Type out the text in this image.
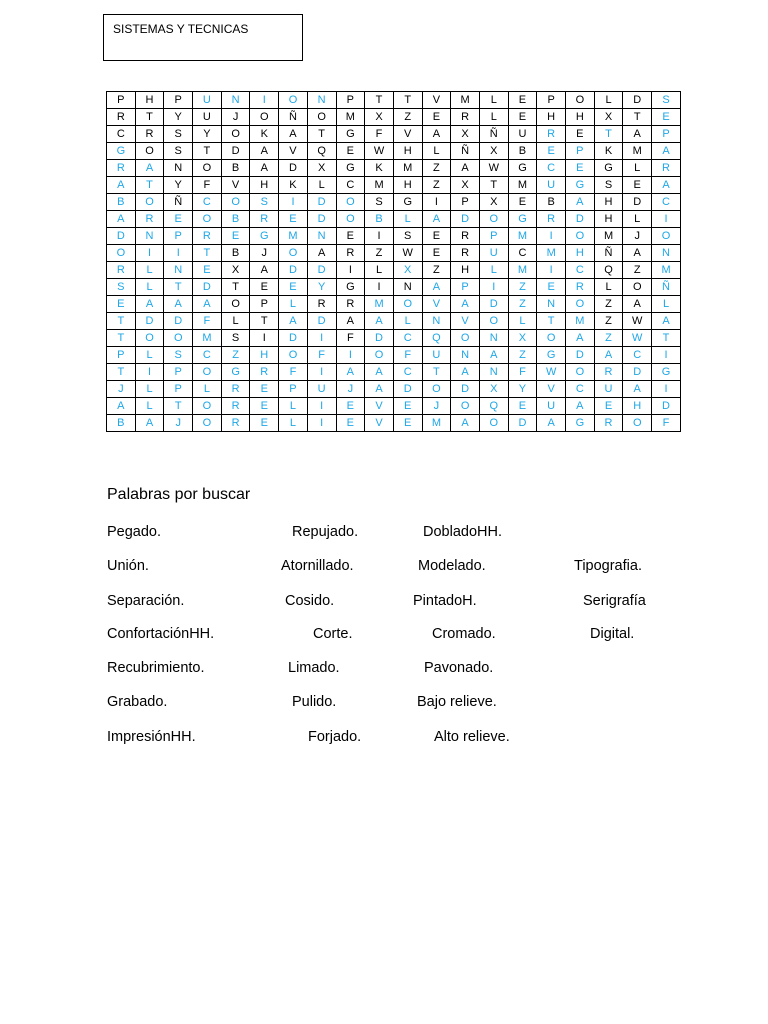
SISTEMAS Y TECNICAS
P	H	P	U	N	I	O	N	P	T	T	V	M	L	E	P	O	L	D	S
R	T	Y	U	J	O	Ñ	O	M	X	Z	E	R	L	E	H	H	X	T	E
C	R	S	Y	O	K	A	T	G	F	V	A	X	Ñ	U	R	E	T	A	P
G	O	S	T	D	A	V	Q	E	W	H	L	Ñ	X	B	E	P	K	M	A
R	A	N	O	B	A	D	X	G	K	M	Z	A	W	G	C	E	G	L	R
A	T	Y	F	V	H	K	L	C	M	H	Z	X	T	M	U	G	S	E	A
B	O	Ñ	C	O	S	I	D	O	S	G	I	P	X	E	B	A	H	D	C
A	R	E	O	B	R	E	D	O	B	L	A	D	O	G	R	D	H	L	I
D	N	P	R	E	G	M	N	E	I	S	E	R	P	M	I	O	M	J	O
O	I	I	T	B	J	O	A	R	Z	W	E	R	U	C	M	H	Ñ	A	N
R	L	N	E	X	A	D	D	I	L	X	Z	H	L	M	I	C	Q	Z	M
S	L	T	D	T	E	E	Y	G	I	N	A	P	I	Z	E	R	L	O	Ñ
E	A	A	A	O	P	L	R	R	M	O	V	A	D	Z	N	O	Z	A	L
T	D	D	F	L	T	A	D	A	A	L	N	V	O	L	T	M	Z	W	A
T	O	O	M	S	I	D	I	F	D	C	Q	O	N	X	O	A	Z	W	T
P	L	S	C	Z	H	O	F	I	O	F	U	N	A	Z	G	D	A	C	I
T	I	P	O	G	R	F	I	A	A	C	T	A	N	F	W	O	R	D	G
J	L	P	L	R	E	P	U	J	A	D	O	D	X	Y	V	C	U	A	I
A	L	T	O	R	E	L	I	E	V	E	J	O	Q	E	U	A	E	H	D
B	A	J	O	R	E	L	I	E	V	E	M	A	O	D	A	G	R	O	F
Palabras por buscar
Pegado.	Repujado.	DobladoHH.
Unión.	Atornillado.	Modelado.	Tipografia.
Separación.	Cosido.	PintadoH.	Serigrafía
ConfortaciónHH.	Corte.	Cromado.	Digital.
Recubrimiento.	Limado.	Pavonado.
Grabado.	Pulido.	Bajo relieve.
ImpresiónHH.	Forjado.	Alto relieve.
